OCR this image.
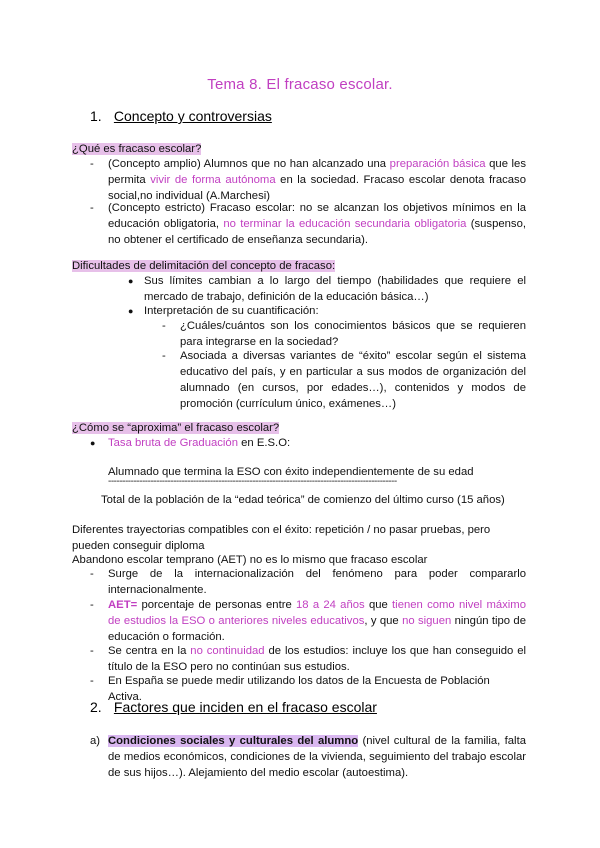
Tema 8. El fracaso escolar.
1. Concepto y controversias
¿Qué es fracaso escolar?
- (Concepto amplio) Alumnos que no han alcanzado una preparación básica que les permita vivir de forma autónoma en la sociedad. Fracaso escolar denota fracaso social,no individual (A.Marchesi)
- (Concepto estricto) Fracaso escolar: no se alcanzan los objetivos mínimos en la educación obligatoria, no terminar la educación secundaria obligatoria (suspenso, no obtener el certificado de enseñanza secundaria).
Dificultades de delimitación del concepto de fracaso:
● Sus límites cambian a lo largo del tiempo (habilidades que requiere el mercado de trabajo, definición de la educación básica…)
● Interpretación de su cuantificación:
- ¿Cuáles/cuántos son los conocimientos básicos que se requieren para integrarse en la sociedad?
- Asociada a diversas variantes de “éxito” escolar según el sistema educativo del país, y en particular a sus modos de organización del alumnado (en cursos, por edades…), contenidos y modos de promoción (currículum único, exámenes…)
¿Cómo se “aproxima” el fracaso escolar?
● Tasa bruta de Graduación en E.S.O:
Alumnado que termina la ESO con éxito independientemente de su edad
------------------------------------------------------------------------------------------------------
Total de la población de la “edad teórica” de comienzo del último curso (15 años)
Diferentes trayectorias compatibles con el éxito: repetición / no pasar pruebas, pero pueden conseguir diploma
Abandono escolar temprano (AET) no es lo mismo que fracaso escolar
- Surge de la internacionalización del fenómeno para poder compararlo internacionalmente.
- AET= porcentaje de personas entre 18 a 24 años que tienen como nivel máximo de estudios la ESO o anteriores niveles educativos, y que no siguen ningún tipo de educación o formación.
- Se centra en la no continuidad de los estudios: incluye los que han conseguido el título de la ESO pero no continúan sus estudios.
- En España se puede medir utilizando los datos de la Encuesta de Población Activa.
2. Factores que inciden en el fracaso escolar
a) Condiciones sociales y culturales del alumno (nivel cultural de la familia, falta de medios económicos, condiciones de la vivienda, seguimiento del trabajo escolar de sus hijos…). Alejamiento del medio escolar (autoestima).
